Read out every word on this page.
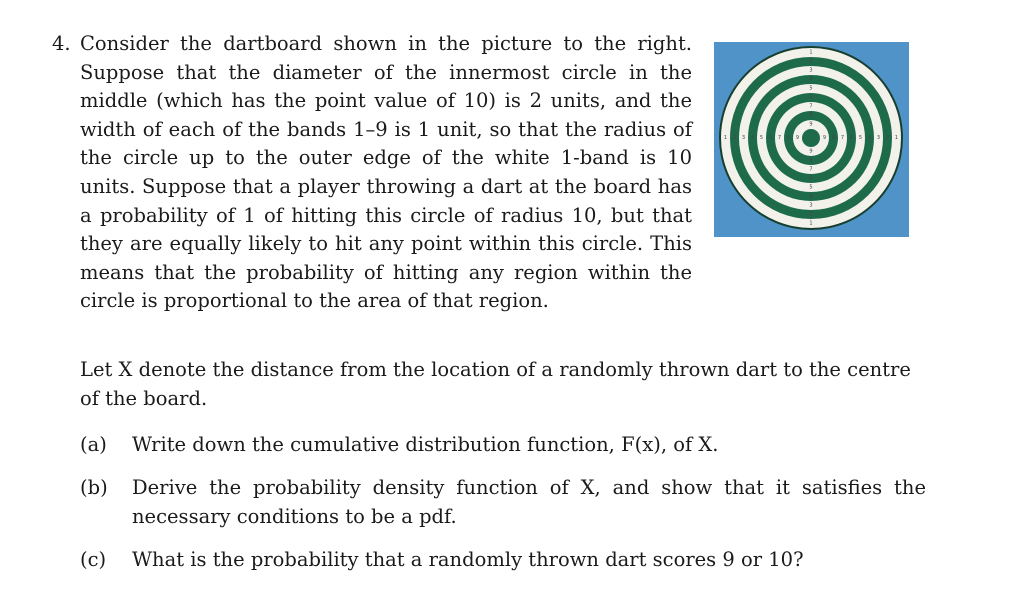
4. Consider the dartboard shown in the picture to the right. Suppose that the diameter of the innermost circle in the middle (which has the point value of 10) is 2 units, and the width of each of the bands 1–9 is 1 unit, so that the radius of the circle up to the outer edge of the white 1-band is 10 units. Suppose that a player throwing a dart at the board has a probability of 1 of hitting this circle of radius 10, but that they are equally likely to hit any point within this circle. This means that the probability of hitting any region within the circle is proportional to the area of that region.
1 2 3 4 5 6 7 8 9	9 8 7 6 5 4 3 2 1
1
2
3
4
5
6
7
8
9
9
8
7
6
5
4
3
2
1
Let X denote the distance from the location of a randomly thrown dart to the centre of the board.
(a) Write down the cumulative distribution function, F(x), of X.
(b) Derive the probability density function of X, and show that it satisfies the necessary conditions to be a pdf.
(c) What is the probability that a randomly thrown dart scores 9 or 10?
